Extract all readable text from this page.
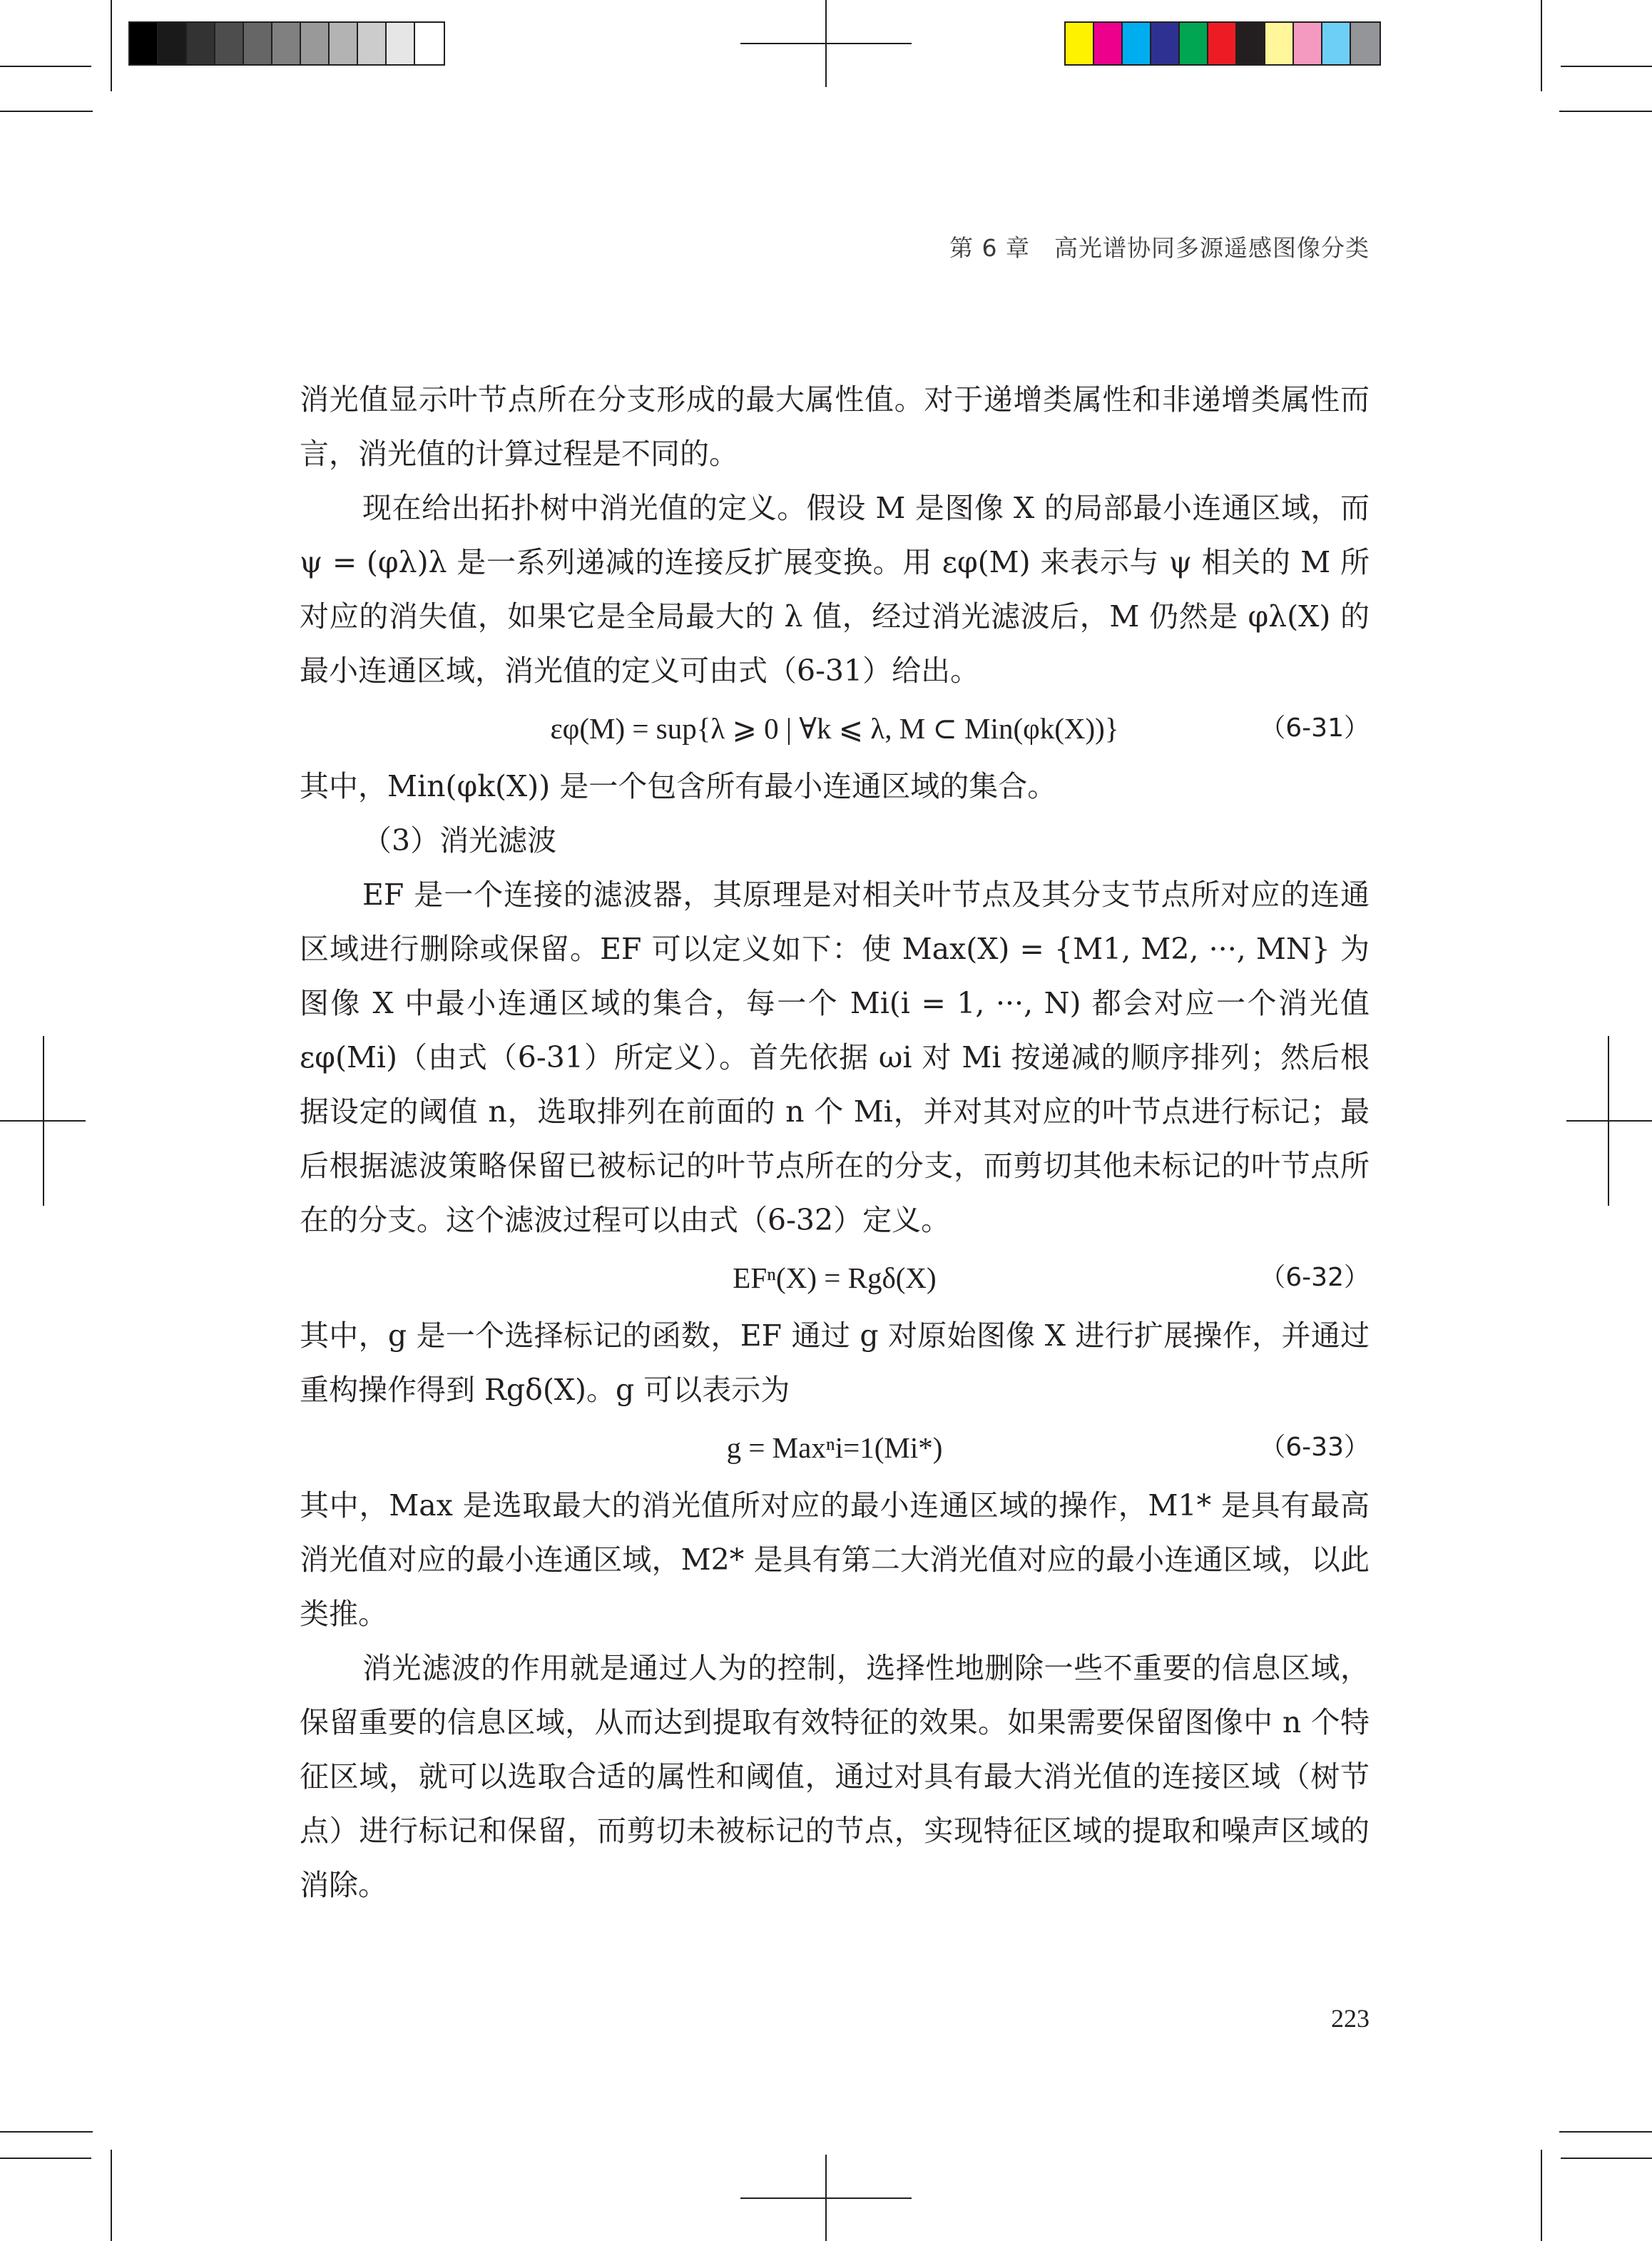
第 6 章 高光谱协同多源遥感图像分类

消光值显示叶节点所在分支形成的最大属性值。对于递增类属性和非递增类属性而言，消光值的计算过程是不同的。

现在给出拓扑树中消光值的定义。假设 M 是图像 X 的局部最小连通区域，而 ψ = (φλ)λ 是一系列递减的连接反扩展变换。用 εφ(M) 来表示与 ψ 相关的 M 所对应的消失值，如果它是全局最大的 λ 值，经过消光滤波后，M 仍然是 φλ(X) 的最小连通区域，消光值的定义可由式（6-31）给出。

εφ(M) = sup{λ ⩾ 0 | ∀k ⩽ λ, M ⊂ Min(φk(X))}	（6-31）

其中，Min(φk(X)) 是一个包含所有最小连通区域的集合。

（3）消光滤波

EF 是一个连接的滤波器，其原理是对相关叶节点及其分支节点所对应的连通区域进行删除或保留。EF 可以定义如下：使 Max(X) = {M1, M2, ···, MN} 为图像 X 中最小连通区域的集合，每一个 Mi(i = 1, ···, N) 都会对应一个消光值 εφ(Mi)（由式（6-31）所定义）。首先依据 ωi 对 Mi 按递减的顺序排列；然后根据设定的阈值 n，选取排列在前面的 n 个 Mi，并对其对应的叶节点进行标记；最后根据滤波策略保留已被标记的叶节点所在的分支，而剪切其他未标记的叶节点所在的分支。这个滤波过程可以由式（6-32）定义。

EFⁿ(X) = Rgδ(X)	（6-32）

其中，g 是一个选择标记的函数，EF 通过 g 对原始图像 X 进行扩展操作，并通过重构操作得到 Rgδ(X)。g 可以表示为

g = Maxⁿi=1(Mi*)	（6-33）

其中，Max 是选取最大的消光值所对应的最小连通区域的操作，M1* 是具有最高消光值对应的最小连通区域，M2* 是具有第二大消光值对应的最小连通区域，以此类推。

消光滤波的作用就是通过人为的控制，选择性地删除一些不重要的信息区域，保留重要的信息区域，从而达到提取有效特征的效果。如果需要保留图像中 n 个特征区域，就可以选取合适的属性和阈值，通过对具有最大消光值的连接区域（树节点）进行标记和保留，而剪切未被标记的节点，实现特征区域的提取和噪声区域的消除。

223
